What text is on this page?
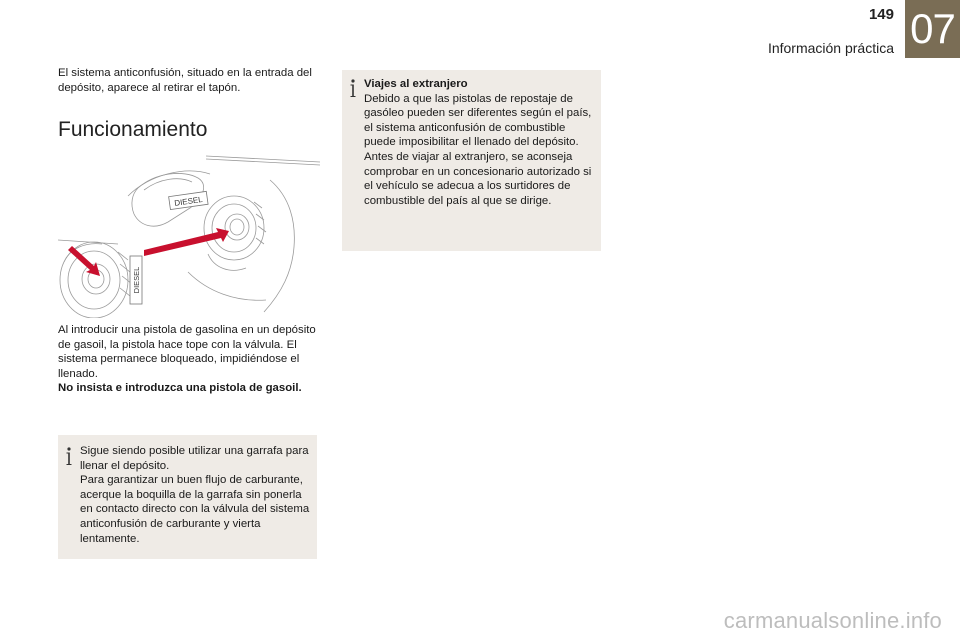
149
Información práctica 07
El sistema anticonfusión, situado en la entrada del depósito, aparece al retirar el tapón.
Funcionamiento
DIESEL
DIESEL
Al introducir una pistola de gasolina en un depósito de gasoil, la pistola hace tope con la válvula. El sistema permanece bloqueado, impidiéndose el llenado.
No insista e introduzca una pistola de gasoil.
Sigue siendo posible utilizar una garrafa para llenar el depósito.
Para garantizar un buen flujo de carburante, acerque la boquilla de la garrafa sin ponerla en contacto directo con la válvula del sistema anticonfusión de carburante y vierta lentamente.
Viajes al extranjero
Debido a que las pistolas de repostaje de gasóleo pueden ser diferentes según el país, el sistema anticonfusión de combustible puede imposibilitar el llenado del depósito.
Antes de viajar al extranjero, se aconseja comprobar en un concesionario autorizado si el vehículo se adecua a los surtidores de combustible del país al que se dirige.
carmanualsonline.info
